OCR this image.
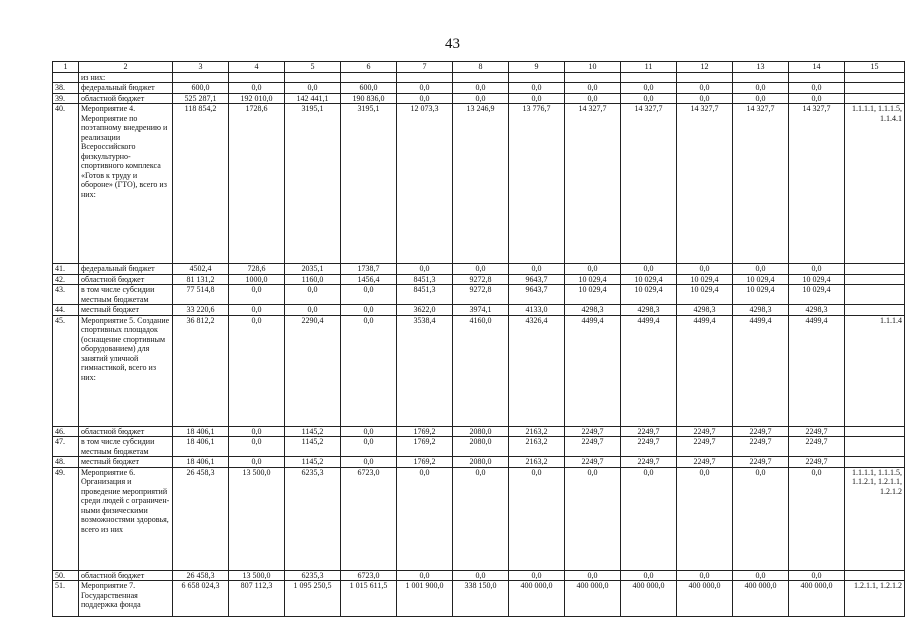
43
1	2	3	4	5	6	7	8	9	10	11	12	13	14	15
	из них:													
38.	федеральный бюджет	600,0	0,0	0,0	600,0	0,0	0,0	0,0	0,0	0,0	0,0	0,0	0,0	
39.	областной бюджет	525 287,1	192 010,0	142 441,1	190 836,0	0,0	0,0	0,0	0,0	0,0	0,0	0,0	0,0	
40.	Мероприятие 4. Мероприятие по поэтапному внедрению и реализации Всероссийского физкультурно-спортивного комплекса «Готов к труду и обороне» (ГТО), всего из них:	118 854,2	1728,6	3195,1	3195,1	12 073,3	13 246,9	13 776,7	14 327,7	14 327,7	14 327,7	14 327,7	14 327,7	1.1.1.1, 1.1.1.5, 1.1.4.1
41.	федеральный бюджет	4502,4	728,6	2035,1	1738,7	0,0	0,0	0,0	0,0	0,0	0,0	0,0	0,0	
42.	областной бюджет	81 131,2	1000,0	1160,0	1456,4	8451,3	9272,8	9643,7	10 029,4	10 029,4	10 029,4	10 029,4	10 029,4	
43.	в том числе субсидии местным бюджетам	77 514,8	0,0	0,0	0,0	8451,3	9272,8	9643,7	10 029,4	10 029,4	10 029,4	10 029,4	10 029,4	
44.	местный бюджет	33 220,6	0,0	0,0	0,0	3622,0	3974,1	4133,0	4298,3	4298,3	4298,3	4298,3	4298,3	
45.	Мероприятие 5. Создание спортивных площадок (оснащение спортивным оборудованием) для занятий уличной гимнастикой, всего из них:	36 812,2	0,0	2290,4	0,0	3538,4	4160,0	4326,4	4499,4	4499,4	4499,4	4499,4	4499,4	1.1.1.4
46.	областной бюджет	18 406,1	0,0	1145,2	0,0	1769,2	2080,0	2163,2	2249,7	2249,7	2249,7	2249,7	2249,7	
47.	в том числе субсидии местным бюджетам	18 406,1	0,0	1145,2	0,0	1769,2	2080,0	2163,2	2249,7	2249,7	2249,7	2249,7	2249,7	
48.	местный бюджет	18 406,1	0,0	1145,2	0,0	1769,2	2080,0	2163,2	2249,7	2249,7	2249,7	2249,7	2249,7	
49.	Мероприятие 6. Организация и проведение мероприятий среди людей с ограничен-ными физическими возможностями здоровья, всего из них	26 458,3	13 500,0	6235,3	6723,0	0,0	0,0	0,0	0,0	0,0	0,0	0,0	0,0	1.1.1.1, 1.1.1.5, 1.1.2.1, 1.2.1.1, 1.2.1.2
50.	областной бюджет	26 458,3	13 500,0	6235,3	6723,0	0,0	0,0	0,0	0,0	0,0	0,0	0,0	0,0	
51.	Мероприятие 7. Государственная поддержка фонда	6 658 024,3	807 112,3	1 095 250,5	1 015 611,5	1 001 900,0	338 150,0	400 000,0	400 000,0	400 000,0	400 000,0	400 000,0	400 000,0	1.2.1.1, 1.2.1.2
